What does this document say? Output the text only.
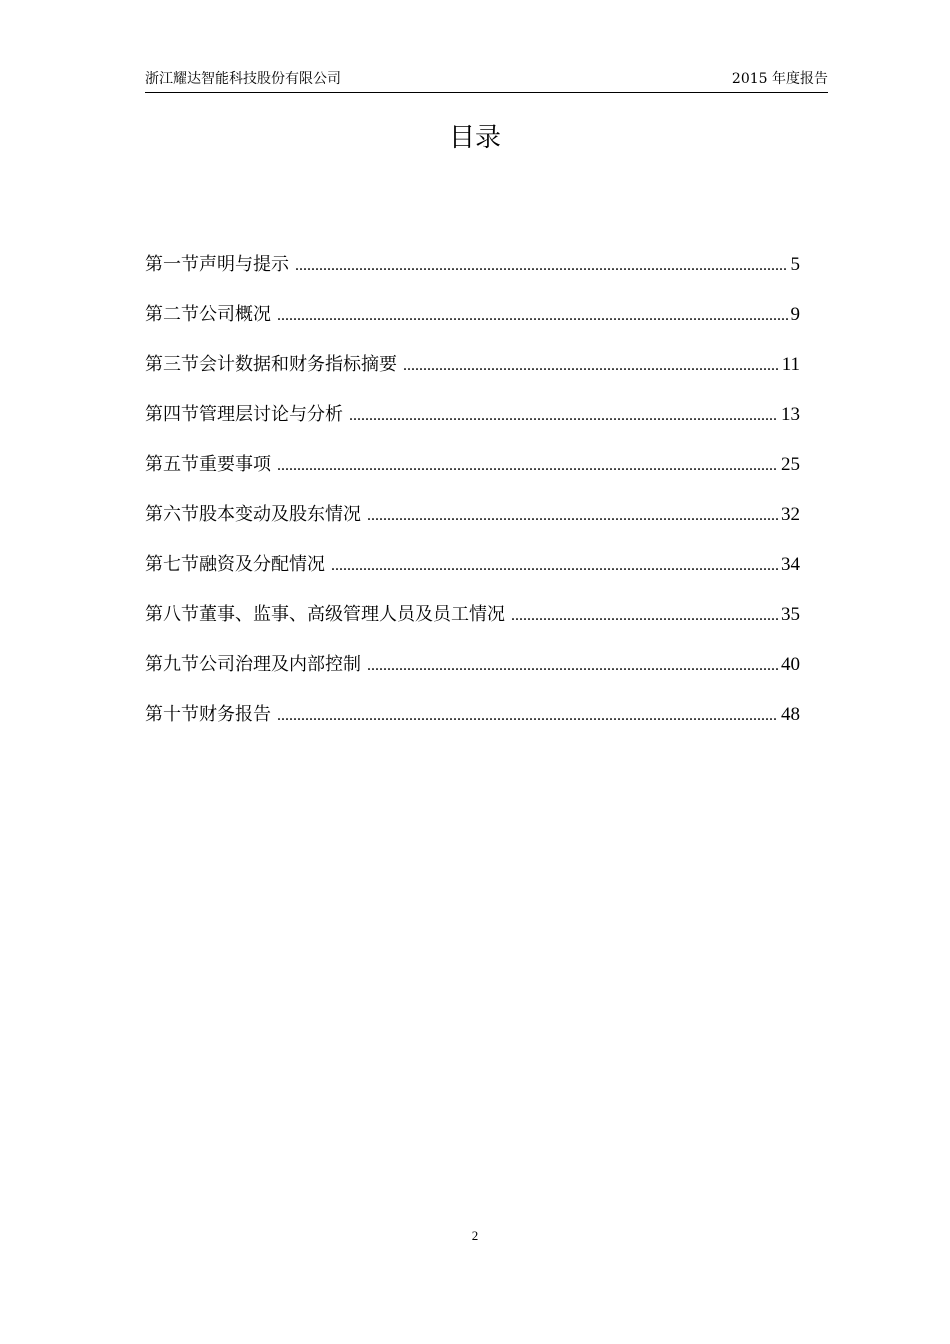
浙江耀达智能科技股份有限公司	2015 年度报告
目录
第一节声明与提示 .....	5
第二节公司概况 .....	9
第三节会计数据和财务指标摘要 .....	11
第四节管理层讨论与分析 .....	13
第五节重要事项 .....	25
第六节股本变动及股东情况 .....	32
第七节融资及分配情况 .....	34
第八节董事、监事、高级管理人员及员工情况 .....	35
第九节公司治理及内部控制 .....	40
第十节财务报告 .....	48
2
